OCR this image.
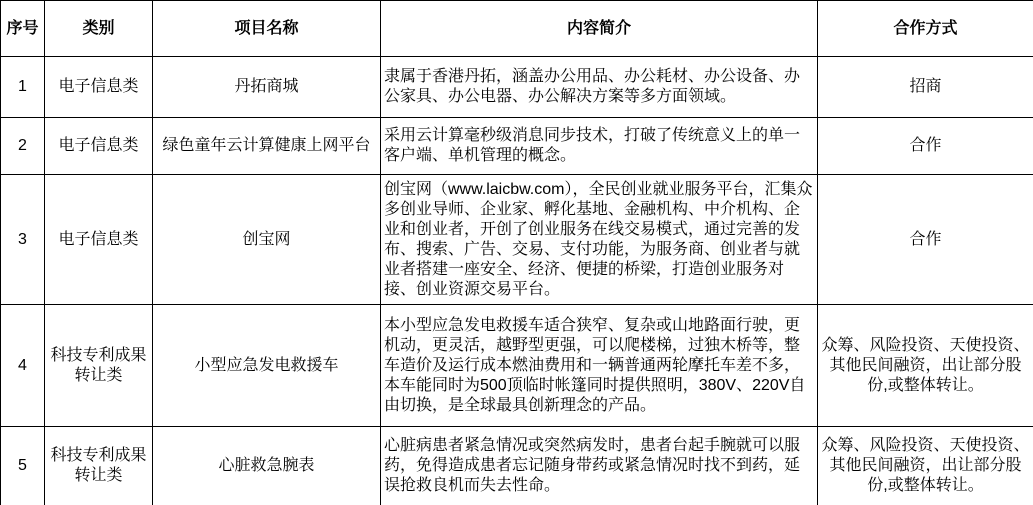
序号	类别	项目名称	内容简介	合作方式
1	电子信息类	丹拓商城	隶属于香港丹拓，涵盖办公用品、办公耗材、办公设备、办公家具、办公电器、办公解决方案等多方面领域。	招商
2	电子信息类	绿色童年云计算健康上网平台	采用云计算毫秒级消息同步技术，打破了传统意义上的单一客户端、单机管理的概念。	合作
3	电子信息类	创宝网	创宝网（www.laicbw.com），全民创业就业服务平台，汇集众多创业导师、企业家、孵化基地、金融机构、中介机构、企业和创业者，开创了创业服务在线交易模式，通过完善的发布、搜索、广告、交易、支付功能，为服务商、创业者与就业者搭建一座安全、经济、便捷的桥梁，打造创业服务对接、创业资源交易平台。	合作
4	科技专利成果转让类	小型应急发电救援车	本小型应急发电救援车适合狭窄、复杂或山地路面行驶，更机动，更灵活，越野型更强，可以爬楼梯，过独木桥等，整车造价及运行成本燃油费用和一辆普通两轮摩托车差不多，本车能同时为500顶临时帐篷同时提供照明，380V、220V自由切换，是全球最具创新理念的产品。	众筹、风险投资、天使投资、其他民间融资，出让部分股份,或整体转让。
5	科技专利成果转让类	心脏救急腕表	心脏病患者紧急情况或突然病发时，患者台起手腕就可以服药，免得造成患者忘记随身带药或紧急情况时找不到药，延误抢救良机而失去性命。	众筹、风险投资、天使投资、其他民间融资，出让部分股份,或整体转让。
